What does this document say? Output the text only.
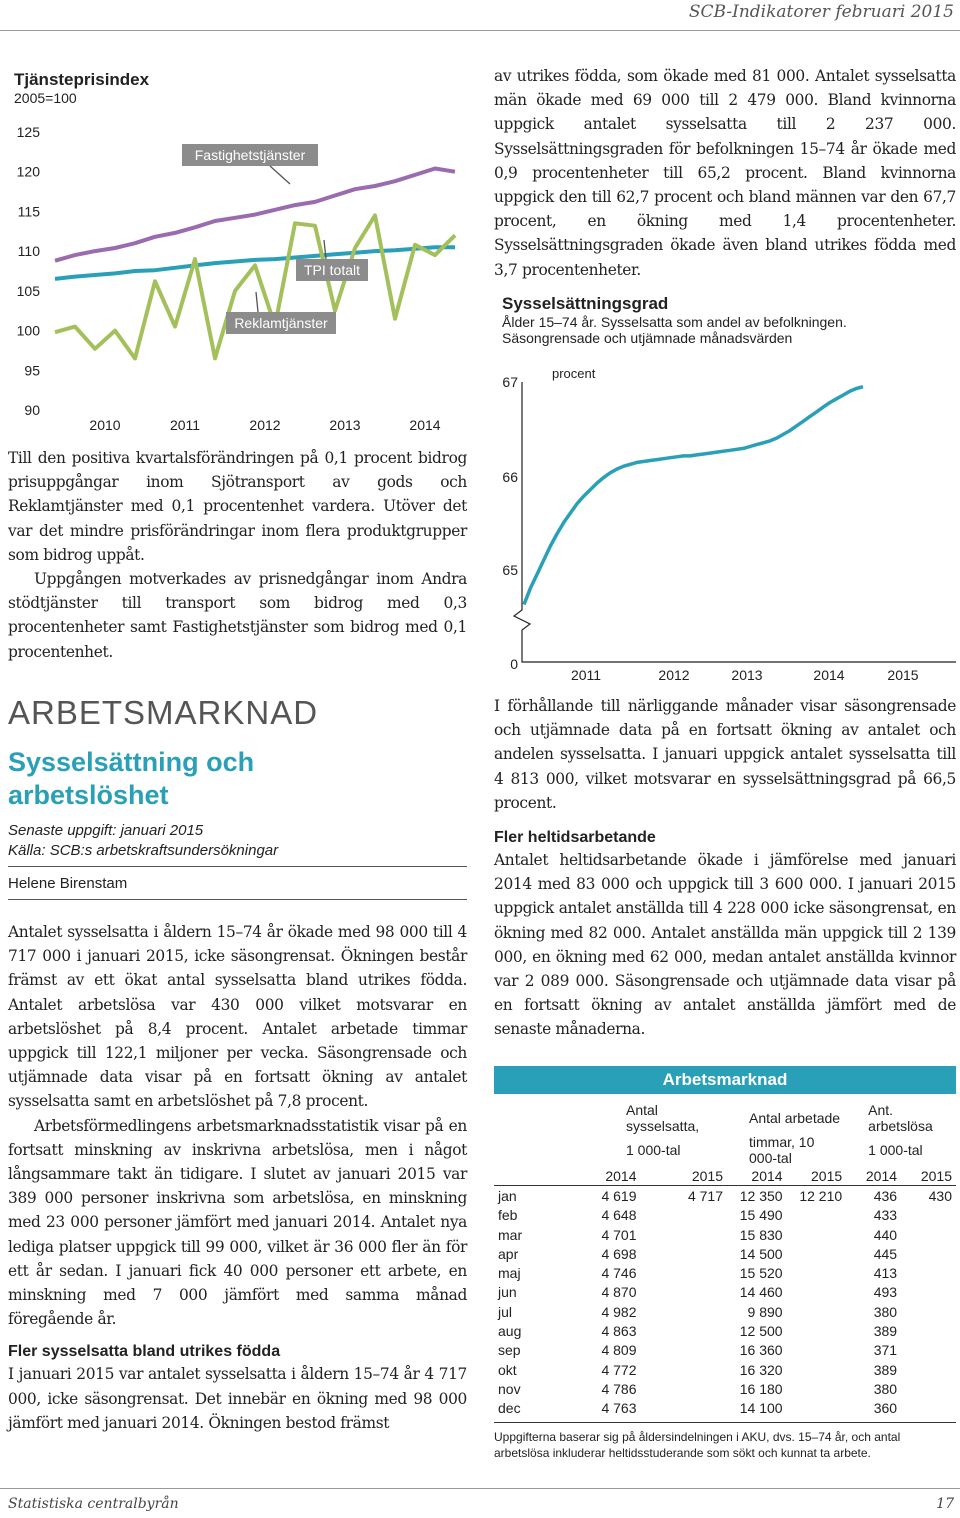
SCB-Indikatorer februari 2015
Tjänsteprisindex
2005=100
125
120
115
110
105
100
95
90
2010	2011	2012	2013	2014
Fastighetstjänster
TPI totalt
Reklamtjänster

Till den positiva kvartalsförändringen på 0,1 procent bidrog prisuppgångar inom Sjötransport av gods och Reklamtjänster med 0,1 procentenhet vardera. Utöver det var det mindre prisförändringar inom flera produktgrupper som bidrog uppåt.

Uppgången motverkades av prisnedgångar inom Andra stödtjänster till transport som bidrog med 0,3 procentenheter samt Fastighetstjänster som bidrog med 0,1 procentenhet.

ARBETSMARKNAD
Sysselsättning och
arbetslöshet
Senaste uppgift: januari 2015
Källa: SCB:s arbetskraftsundersökningar
Helene Birenstam

Antalet sysselsatta i åldern 15–74 år ökade med 98 000 till 4 717 000 i januari 2015, icke säsongrensat. Ökningen består främst av ett ökat antal sysselsatta bland utrikes födda. Antalet arbetslösa var 430 000 vilket motsvarar en arbetslöshet på 8,4 procent. Antalet arbetade timmar uppgick till 122,1 miljoner per vecka. Säsongrensade och utjämnade data visar på en fortsatt ökning av antalet sysselsatta samt en arbetslöshet på 7,8 procent.

Arbetsförmedlingens arbetsmarknadsstatistik visar på en fortsatt minskning av inskrivna arbetslösa, men i något långsammare takt än tidigare. I slutet av januari 2015 var 389 000 personer inskrivna som arbetslösa, en minskning med 23 000 personer jämfört med januari 2014. Antalet nya lediga platser uppgick till 99 000, vilket är 36 000 fler än för ett år sedan. I januari fick 40 000 personer ett arbete, en minskning med 7 000 jämfört med samma månad föregående år.

Fler sysselsatta bland utrikes födda

I januari 2015 var antalet sysselsatta i åldern 15–74 år 4 717 000, icke säsongrensat. Det innebär en ökning med 98 000 jämfört med januari 2014. Ökningen bestod främst

av utrikes födda, som ökade med 81 000. Antalet sysselsatta män ökade med 69 000 till 2 479 000. Bland kvinnorna uppgick antalet sysselsatta till 2 237 000. Sysselsättningsgraden för befolkningen 15–74 år ökade med 0,9 procentenheter till 65,2 procent. Bland kvinnorna uppgick den till 62,7 procent och bland männen var den 67,7 procent, en ökning med 1,4 procentenheter. Sysselsättningsgraden ökade även bland utrikes födda med 3,7 procentenheter.

Sysselsättningsgrad
Ålder 15–74 år. Sysselsatta som andel av befolkningen.
Säsongrensade och utjämnade månadsvärden
procent
67
66
65
0
2011	2012	2013	2014	2015

I förhållande till närliggande månader visar säsongrensade och utjämnade data på en fortsatt ökning av antalet och andelen sysselsatta. I januari uppgick antalet sysselsatta till 4 813 000, vilket motsvarar en sysselsättningsgrad på 66,5 procent.

Fler heltidsarbetande

Antalet heltidsarbetande ökade i jämförelse med januari 2014 med 83 000 och uppgick till 3 600 000. I januari 2015 uppgick antalet anställda till 4 228 000 icke säsongrensat, en ökning med 82 000. Antalet anställda män uppgick till 2 139 000, en ökning med 62 000, medan antalet anställda kvinnor var 2 089 000. Säsongrensade och utjämnade data visar på en fortsatt ökning av antalet anställda jämfört med de senaste månaderna.

Arbetsmarknad
	Antal sysselsatta,		Antal arbetade		Ant. arbetslösa	
	1 000-tal		timmar, 10 000-tal		1 000-tal	
	2014	2015	2014	2015	2014	2015
jan	4 619	4 717	12 350	12 210	436	430
feb	4 648		15 490		433	
mar	4 701		15 830		440	
apr	4 698		14 500		445	
maj	4 746		15 520		413	
jun	4 870		14 460		493	
jul	4 982		9 890		380	
aug	4 863		12 500		389	
sep	4 809		16 360		371	
okt	4 772		16 320		389	
nov	4 786		16 180		380	
dec	4 763		14 100		360	
Uppgifterna baserar sig på åldersindelningen i AKU, dvs. 15–74 år, och antal arbetslösa inkluderar heltidsstuderande som sökt och kunnat ta arbete.
Statistiska centralbyrån	17
